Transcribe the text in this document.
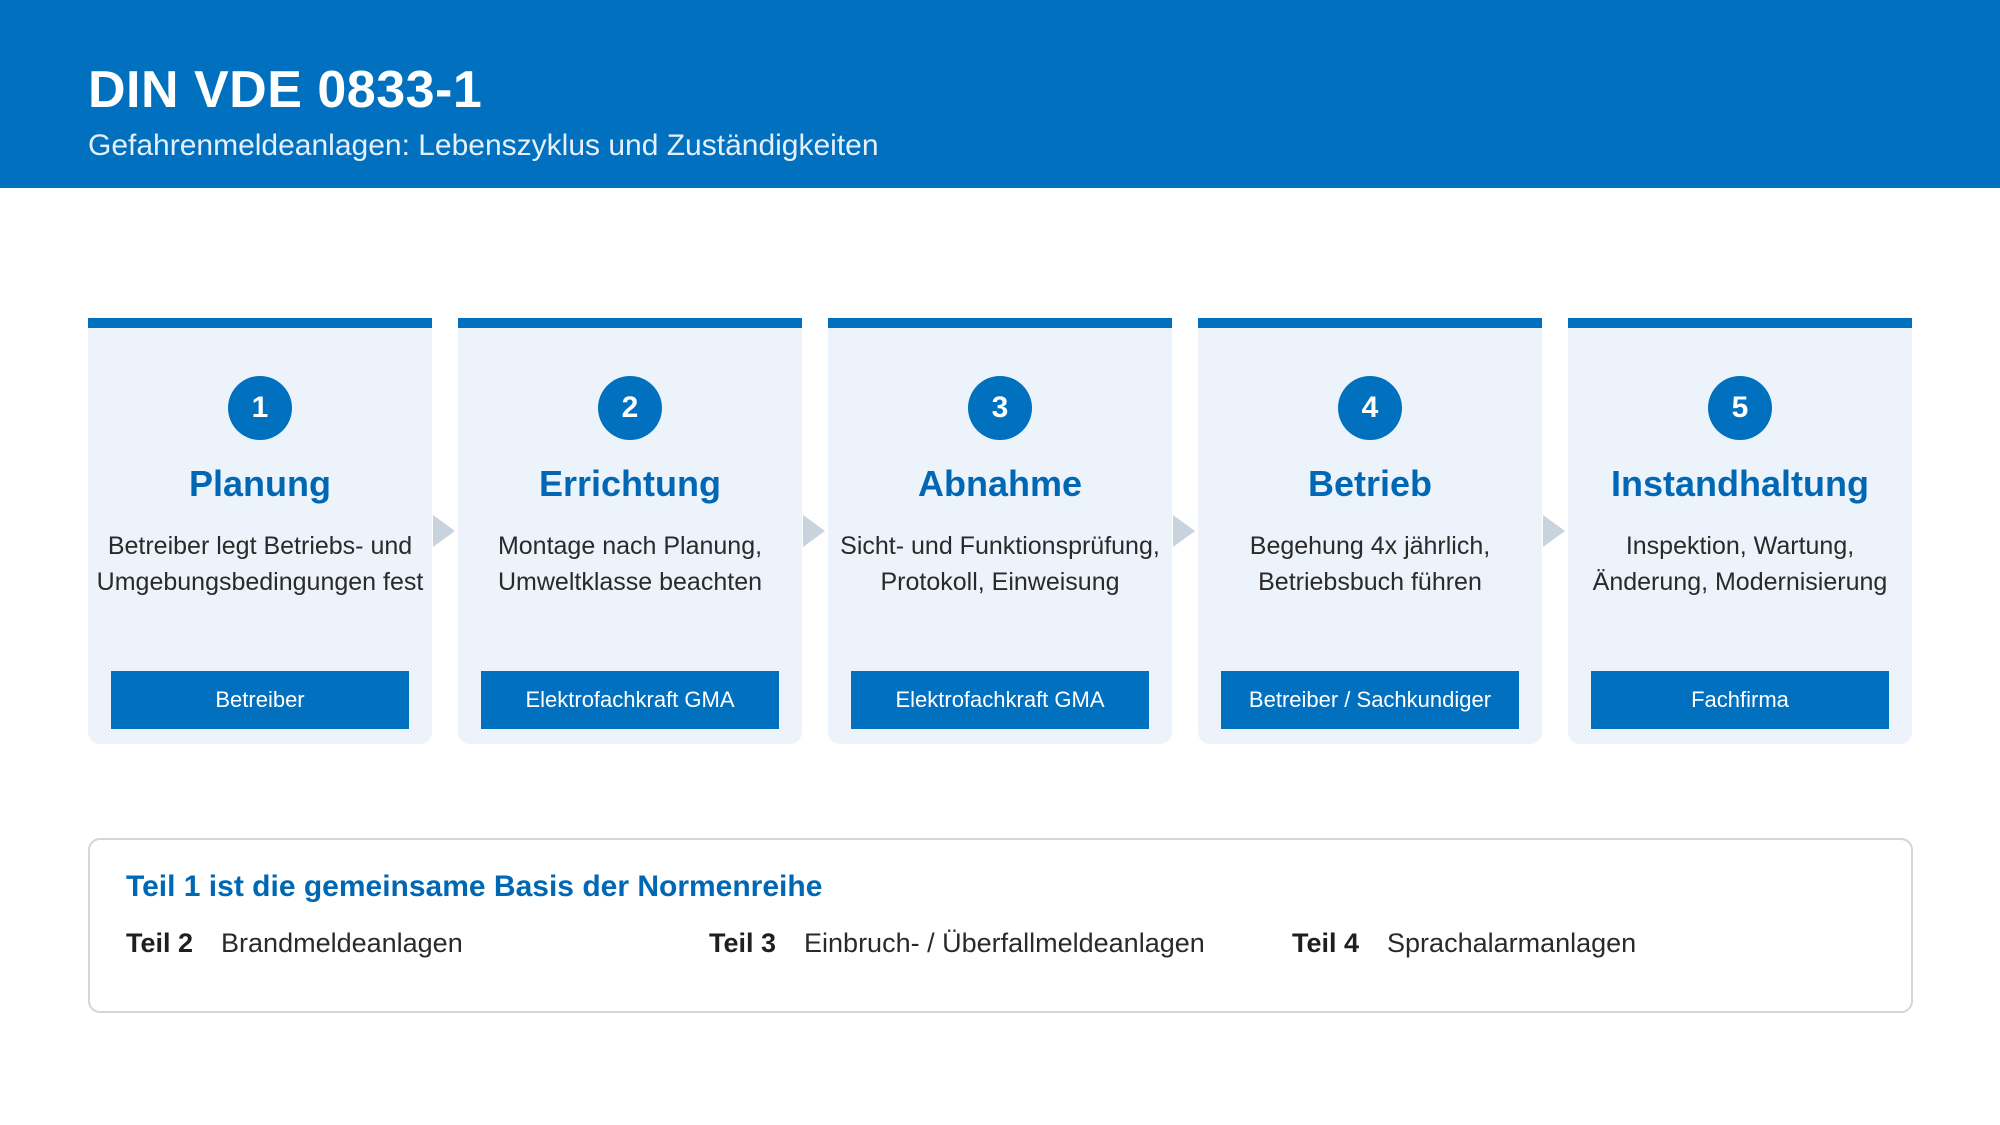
DIN VDE 0833-1
Gefahrenmeldeanlagen: Lebenszyklus und Zuständigkeiten
1
Planung
Betreiber legt Betriebs- und
Umgebungsbedingungen fest
Betreiber
2
Errichtung
Montage nach Planung,
Umweltklasse beachten
Elektrofachkraft GMA
3
Abnahme
Sicht- und Funktionsprüfung,
Protokoll, Einweisung
Elektrofachkraft GMA
4
Betrieb
Begehung 4x jährlich,
Betriebsbuch führen
Betreiber / Sachkundiger
5
Instandhaltung
Inspektion, Wartung,
Änderung, Modernisierung
Fachfirma
Teil 1 ist die gemeinsame Basis der Normenreihe
Teil 2 Brandmeldeanlagen	Teil 3 Einbruch- / Überfallmeldeanlagen	Teil 4 Sprachalarmanlagen
